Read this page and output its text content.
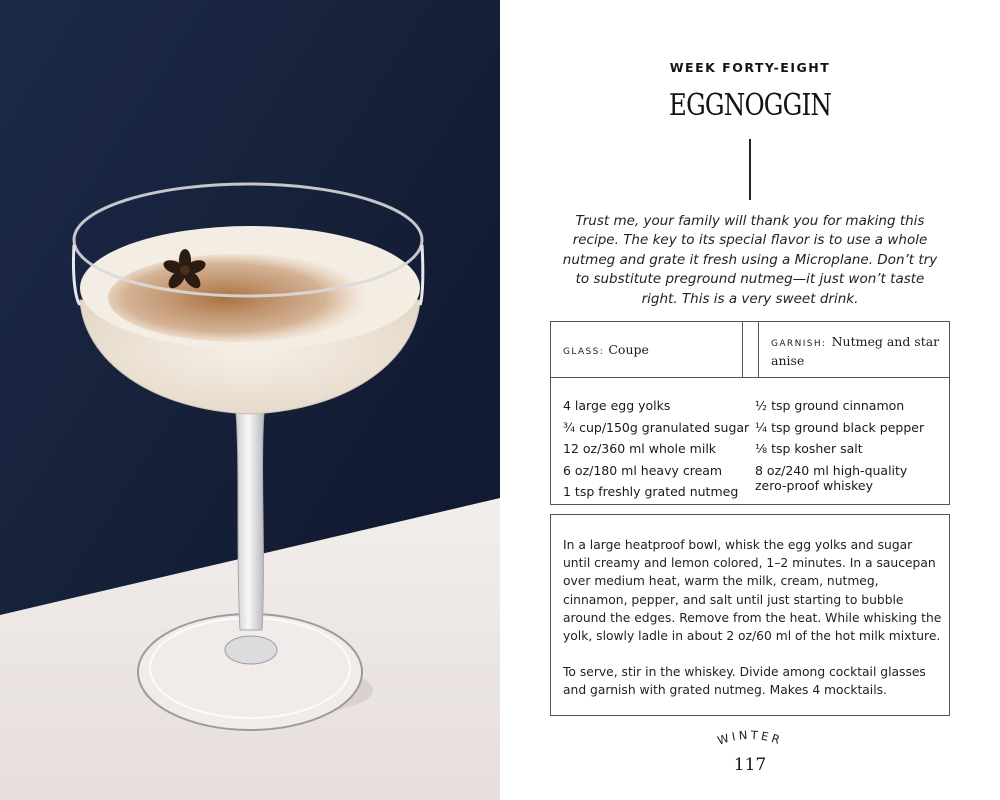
WEEK FORTY-EIGHT
EGGNOGGIN
Trust me, your family will thank you for making this recipe. The key to its special flavor is to use a whole nutmeg and grate it fresh using a Microplane. Don’t try to substitute preground nutmeg—it just won’t taste right. This is a very sweet drink.
GLASS: Coupe	GARNISH: Nutmeg and star anise
4 large egg yolks
¾ cup/150g granulated sugar
12 oz/360 ml whole milk
6 oz/180 ml heavy cream
1 tsp freshly grated nutmeg
½ tsp ground cinnamon
¼ tsp ground black pepper
⅛ tsp kosher salt
8 oz/240 ml high-quality zero-proof whiskey

In a large heatproof bowl, whisk the egg yolks and sugar until creamy and lemon colored, 1–2 minutes. In a saucepan over medium heat, warm the milk, cream, nutmeg, cinnamon, pepper, and salt until just starting to bubble around the edges. Remove from the heat. While whisking the yolk, slowly ladle in about 2 oz/60 ml of the hot milk mixture.

To serve, stir in the whiskey. Divide among cocktail glasses and garnish with grated nutmeg. Makes 4 mocktails.

WINTER
117
